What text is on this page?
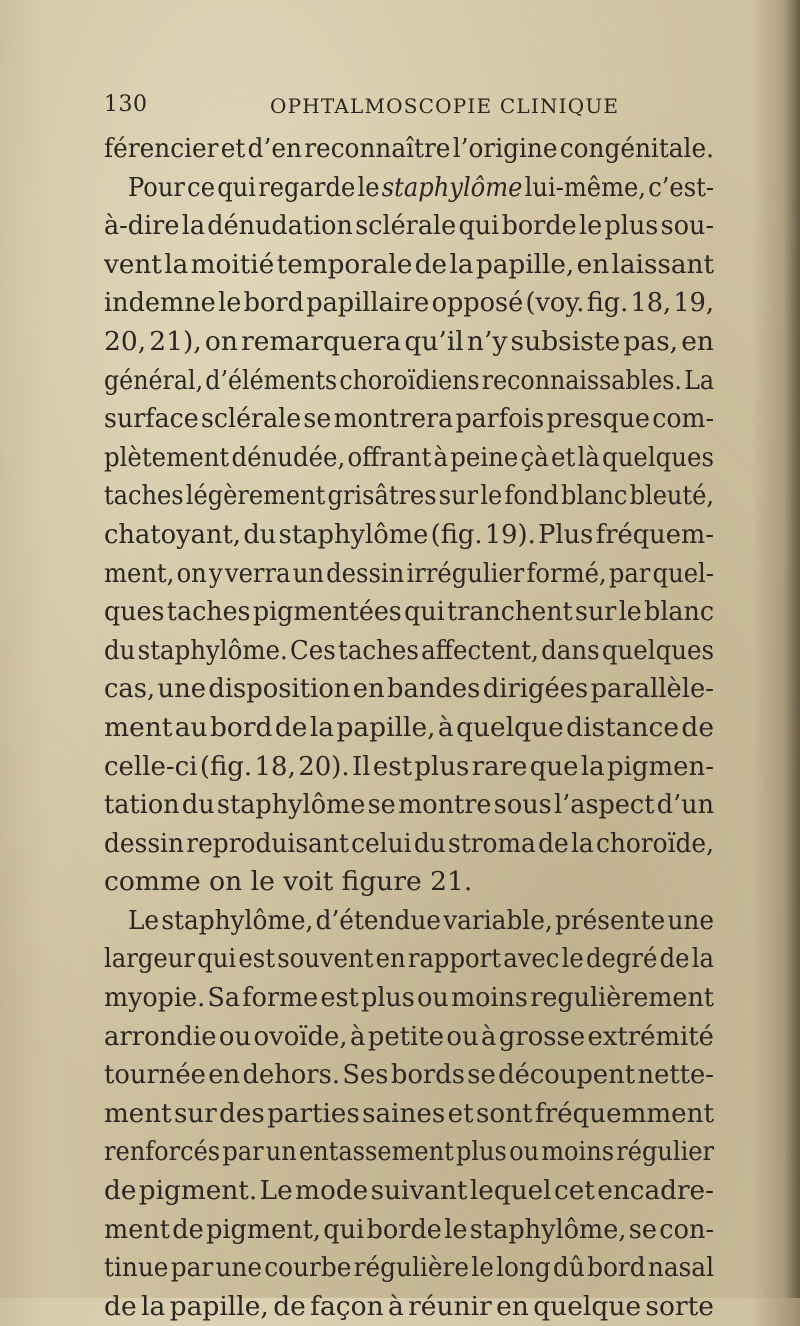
130	OPHTALMOSCOPIE CLINIQUE
férencier et d’en reconnaître l’origine congénitale.
Pour ce qui regarde le staphylôme lui-même, c’est-
à-dire la dénudation sclérale qui borde le plus sou-
vent la moitié temporale de la papille, en laissant
indemne le bord papillaire opposé (voy. fig. 18, 19,
20, 21), on remarquera qu’il n’y subsiste pas, en
général, d’éléments choroïdiens reconnaissables. La
surface sclérale se montrera parfois presque com-
plètement dénudée, offrant à peine çà et là quelques
taches légèrement grisâtres sur le fond blanc bleuté,
chatoyant, du staphylôme (fig. 19). Plus fréquem-
ment, on y verra un dessin irrégulier formé, par quel-
ques taches pigmentées qui tranchent sur le blanc
du staphylôme. Ces taches affectent, dans quelques
cas, une disposition en bandes dirigées parallèle-
ment au bord de la papille, à quelque distance de
celle-ci (fig. 18, 20). Il est plus rare que la pigmen-
tation du staphylôme se montre sous l’aspect d’un
dessin reproduisant celui du stroma de la choroïde,
comme on le voit figure 21.
Le staphylôme, d’étendue variable, présente une
largeur qui est souvent en rapport avec le degré de la
myopie. Sa forme est plus ou moins regulièrement
arrondie ou ovoïde, à petite ou à grosse extrémité
tournée en dehors. Ses bords se découpent nette-
ment sur des parties saines et sont fréquemment
renforcés par un entassement plus ou moins régulier
de pigment. Le mode suivant lequel cet encadre-
ment de pigment, qui borde le staphylôme, se con-
tinue par une courbe régulière le long dû bord nasal
de la papille, de façon à réunir en quelque sorte
